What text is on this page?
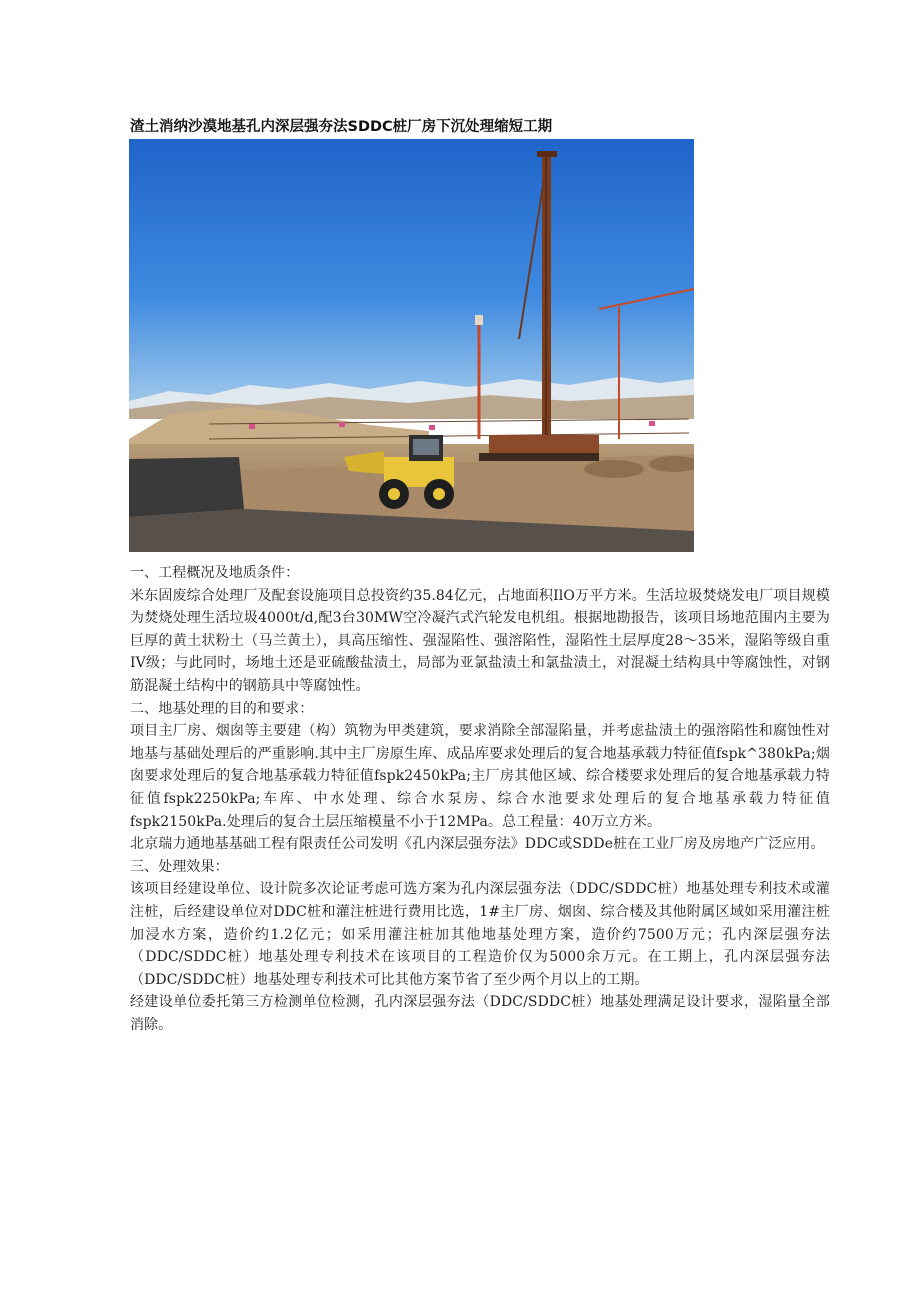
渣土消纳沙漠地基孔内深层强夯法SDDC桩厂房下沉处理缩短工期

一、工程概况及地质条件：

米东固废综合处理厂及配套设施项目总投资约35.84亿元，占地面积IlO万平方米。生活垃圾焚烧发电厂项目规模为焚烧处理生活垃圾4000t/d,配3台30MW空冷凝汽式汽轮发电机组。根据地勘报告，该项目场地范围内主要为巨厚的黄土状粉土（马兰黄土），具高压缩性、强湿陷性、强溶陷性，湿陷性土层厚度28～35米，湿陷等级自重IV级；与此同时，场地土还是亚硫酸盐渍土，局部为亚氯盐渍土和氯盐渍土，对混凝土结构具中等腐蚀性，对钢筋混凝土结构中的钢筋具中等腐蚀性。

二、地基处理的目的和要求：

项目主厂房、烟囱等主要建（构）筑物为甲类建筑，要求消除全部湿陷量，并考虑盐渍土的强溶陷性和腐蚀性对地基与基础处理后的严重影响.其中主厂房原生库、成品库要求处理后的复合地基承载力特征值fspk^380kPa;烟囱要求处理后的复合地基承载力特征值fspk2450kPa;主厂房其他区域、综合楼要求处理后的复合地基承载力特征值fspk2250kPa;车库、中水处理、综合水泵房、综合水池要求处理后的复合地基承载力特征值fspk2150kPa.处理后的复合土层压缩模量不小于12MPa。总工程量：40万立方米。

北京瑞力通地基基础工程有限责任公司发明《孔内深层强夯法》DDC或SDDe桩在工业厂房及房地产广泛应用。

三、处理效果：

该项目经建设单位、设计院多次论证考虑可选方案为孔内深层强夯法（DDC∕SDDC桩）地基处理专利技术或灌注桩，后经建设单位对DDC桩和灌注桩进行费用比选，1#主厂房、烟囱、综合楼及其他附属区域如采用灌注桩加浸水方案，造价约1.2亿元；如采用灌注桩加其他地基处理方案，造价约7500万元；孔内深层强夯法（DDC/SDDC桩）地基处理专利技术在该项目的工程造价仅为5000余万元。在工期上，孔内深层强夯法（DDC/SDDC桩）地基处理专利技术可比其他方案节省了至少两个月以上的工期。

经建设单位委托第三方检测单位检测，孔内深层强夯法（DDC∕SDDC桩）地基处理满足设计要求，湿陷量全部消除。
